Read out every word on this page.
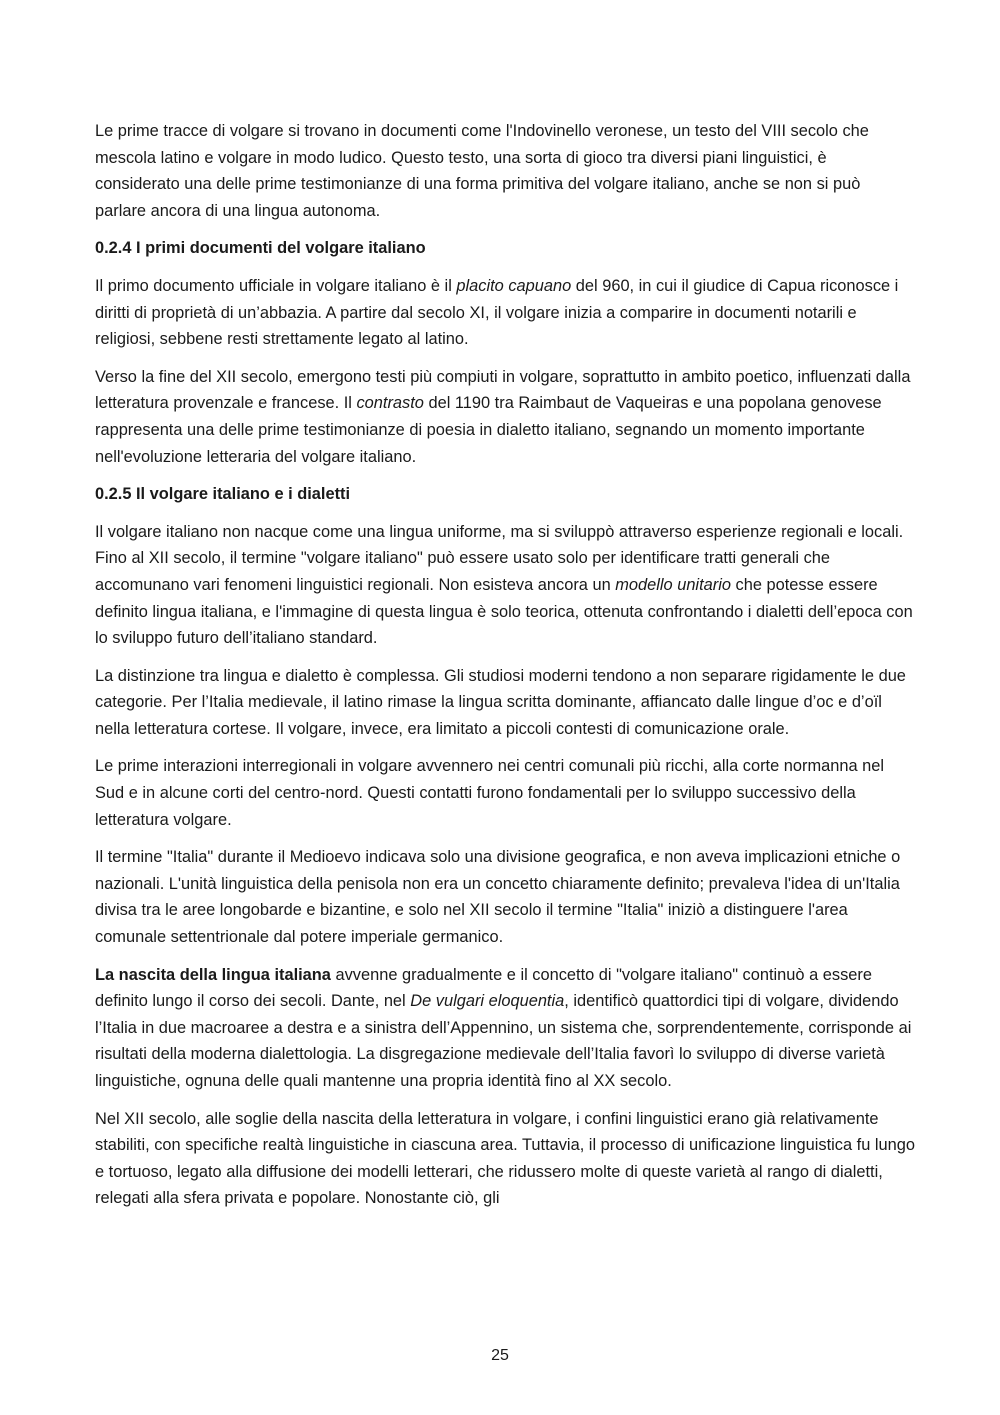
Le prime tracce di volgare si trovano in documenti come l'Indovinello veronese, un testo del VIII secolo che mescola latino e volgare in modo ludico. Questo testo, una sorta di gioco tra diversi piani linguistici, è considerato una delle prime testimonianze di una forma primitiva del volgare italiano, anche se non si può parlare ancora di una lingua autonoma.

0.2.4 I primi documenti del volgare italiano

Il primo documento ufficiale in volgare italiano è il placito capuano del 960, in cui il giudice di Capua riconosce i diritti di proprietà di un’abbazia. A partire dal secolo XI, il volgare inizia a comparire in documenti notarili e religiosi, sebbene resti strettamente legato al latino.

Verso la fine del XII secolo, emergono testi più compiuti in volgare, soprattutto in ambito poetico, influenzati dalla letteratura provenzale e francese. Il contrasto del 1190 tra Raimbaut de Vaqueiras e una popolana genovese rappresenta una delle prime testimonianze di poesia in dialetto italiano, segnando un momento importante nell'evoluzione letteraria del volgare italiano.

0.2.5 Il volgare italiano e i dialetti

Il volgare italiano non nacque come una lingua uniforme, ma si sviluppò attraverso esperienze regionali e locali. Fino al XII secolo, il termine "volgare italiano" può essere usato solo per identificare tratti generali che accomunano vari fenomeni linguistici regionali. Non esisteva ancora un modello unitario che potesse essere definito lingua italiana, e l'immagine di questa lingua è solo teorica, ottenuta confrontando i dialetti dell’epoca con lo sviluppo futuro dell’italiano standard.

La distinzione tra lingua e dialetto è complessa. Gli studiosi moderni tendono a non separare rigidamente le due categorie. Per l’Italia medievale, il latino rimase la lingua scritta dominante, affiancato dalle lingue d’oc e d’oïl nella letteratura cortese. Il volgare, invece, era limitato a piccoli contesti di comunicazione orale.

Le prime interazioni interregionali in volgare avvennero nei centri comunali più ricchi, alla corte normanna nel Sud e in alcune corti del centro-nord. Questi contatti furono fondamentali per lo sviluppo successivo della letteratura volgare.

Il termine "Italia" durante il Medioevo indicava solo una divisione geografica, e non aveva implicazioni etniche o nazionali. L'unità linguistica della penisola non era un concetto chiaramente definito; prevaleva l'idea di un'Italia divisa tra le aree longobarde e bizantine, e solo nel XII secolo il termine "Italia" iniziò a distinguere l'area comunale settentrionale dal potere imperiale germanico.

La nascita della lingua italiana avvenne gradualmente e il concetto di "volgare italiano" continuò a essere definito lungo il corso dei secoli. Dante, nel De vulgari eloquentia, identificò quattordici tipi di volgare, dividendo l’Italia in due macroaree a destra e a sinistra dell’Appennino, un sistema che, sorprendentemente, corrisponde ai risultati della moderna dialettologia. La disgregazione medievale dell’Italia favorì lo sviluppo di diverse varietà linguistiche, ognuna delle quali mantenne una propria identità fino al XX secolo.

Nel XII secolo, alle soglie della nascita della letteratura in volgare, i confini linguistici erano già relativamente stabiliti, con specifiche realtà linguistiche in ciascuna area. Tuttavia, il processo di unificazione linguistica fu lungo e tortuoso, legato alla diffusione dei modelli letterari, che ridussero molte di queste varietà al rango di dialetti, relegati alla sfera privata e popolare. Nonostante ciò, gli

25
